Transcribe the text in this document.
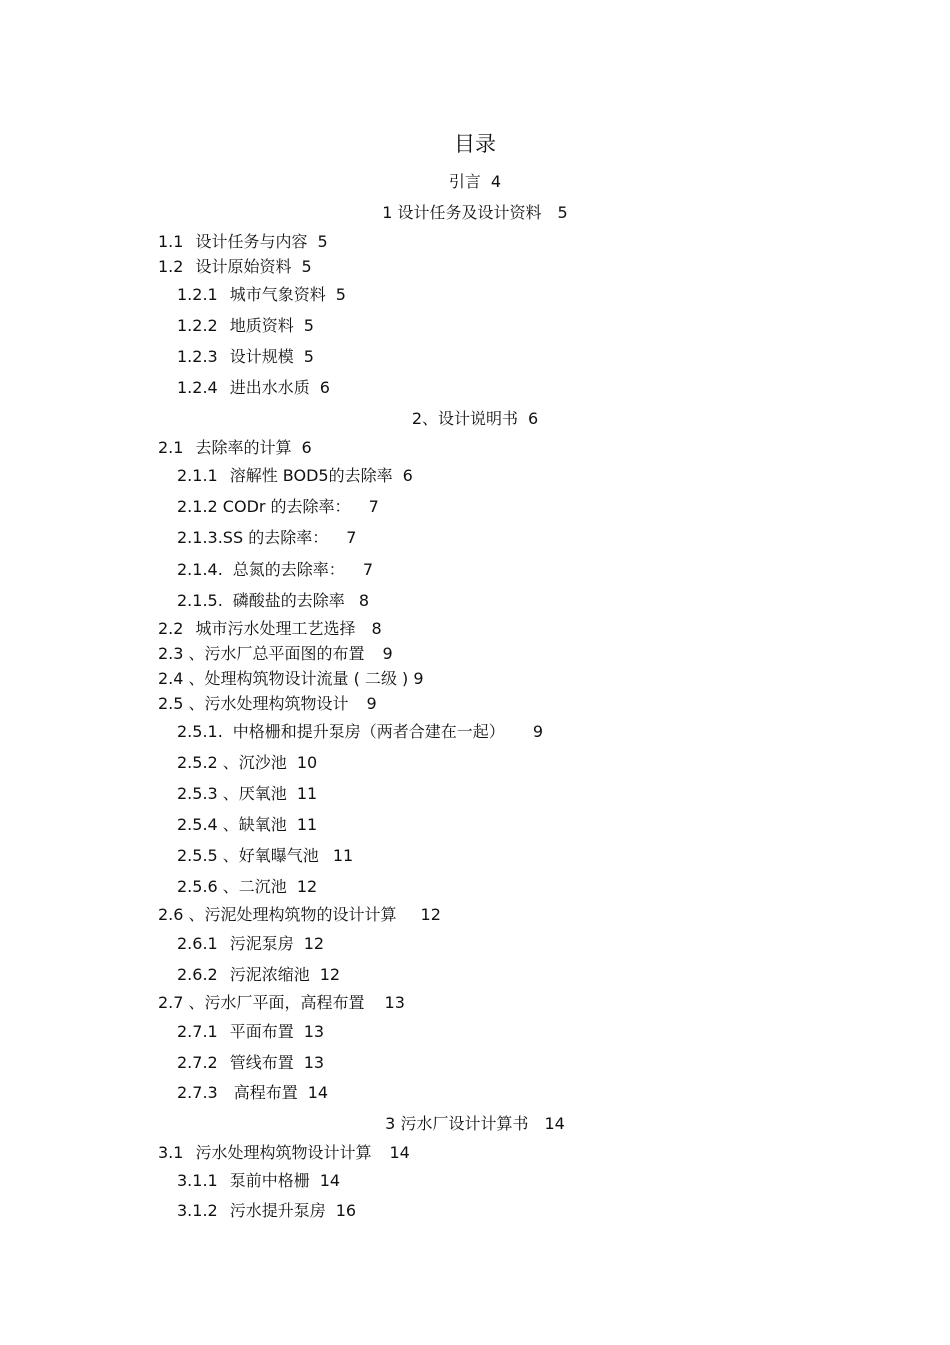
目录
引言 4
1 设计任务及设计资料 5
1.1 设计任务与内容 5
1.2 设计原始资料 5
1.2.1 城市气象资料 5
1.2.2 地质资料 5
1.2.3 设计规模 5
1.2.4 进出水水质 6
2、设计说明书 6
2.1 去除率的计算 6
2.1.1 溶解性 BOD5的去除率 6
2.1.2 CODr 的去除率： 7
2.1.3.SS 的去除率： 7
2.1.4. 总氮的去除率： 7
2.1.5. 磷酸盐的去除率 8
2.2 城市污水处理工艺选择 8
2.3 、污水厂总平面图的布置 9
2.4 、处理构筑物设计流量 ( 二级 ) 9
2.5 、污水处理构筑物设计 9
2.5.1. 中格栅和提升泵房（两者合建在一起） 9
2.5.2 、沉沙池 10
2.5.3 、厌氧池 11
2.5.4 、缺氧池 11
2.5.5 、好氧曝气池 11
2.5.6 、二沉池 12
2.6 、污泥处理构筑物的设计计算 12
2.6.1 污泥泵房 12
2.6.2 污泥浓缩池 12
2.7 、污水厂平面，高程布置 13
2.7.1 平面布置 13
2.7.2 管线布置 13
2.7.3 高程布置 14
3 污水厂设计计算书 14
3.1 污水处理构筑物设计计算 14
3.1.1 泵前中格栅 14
3.1.2 污水提升泵房 16
